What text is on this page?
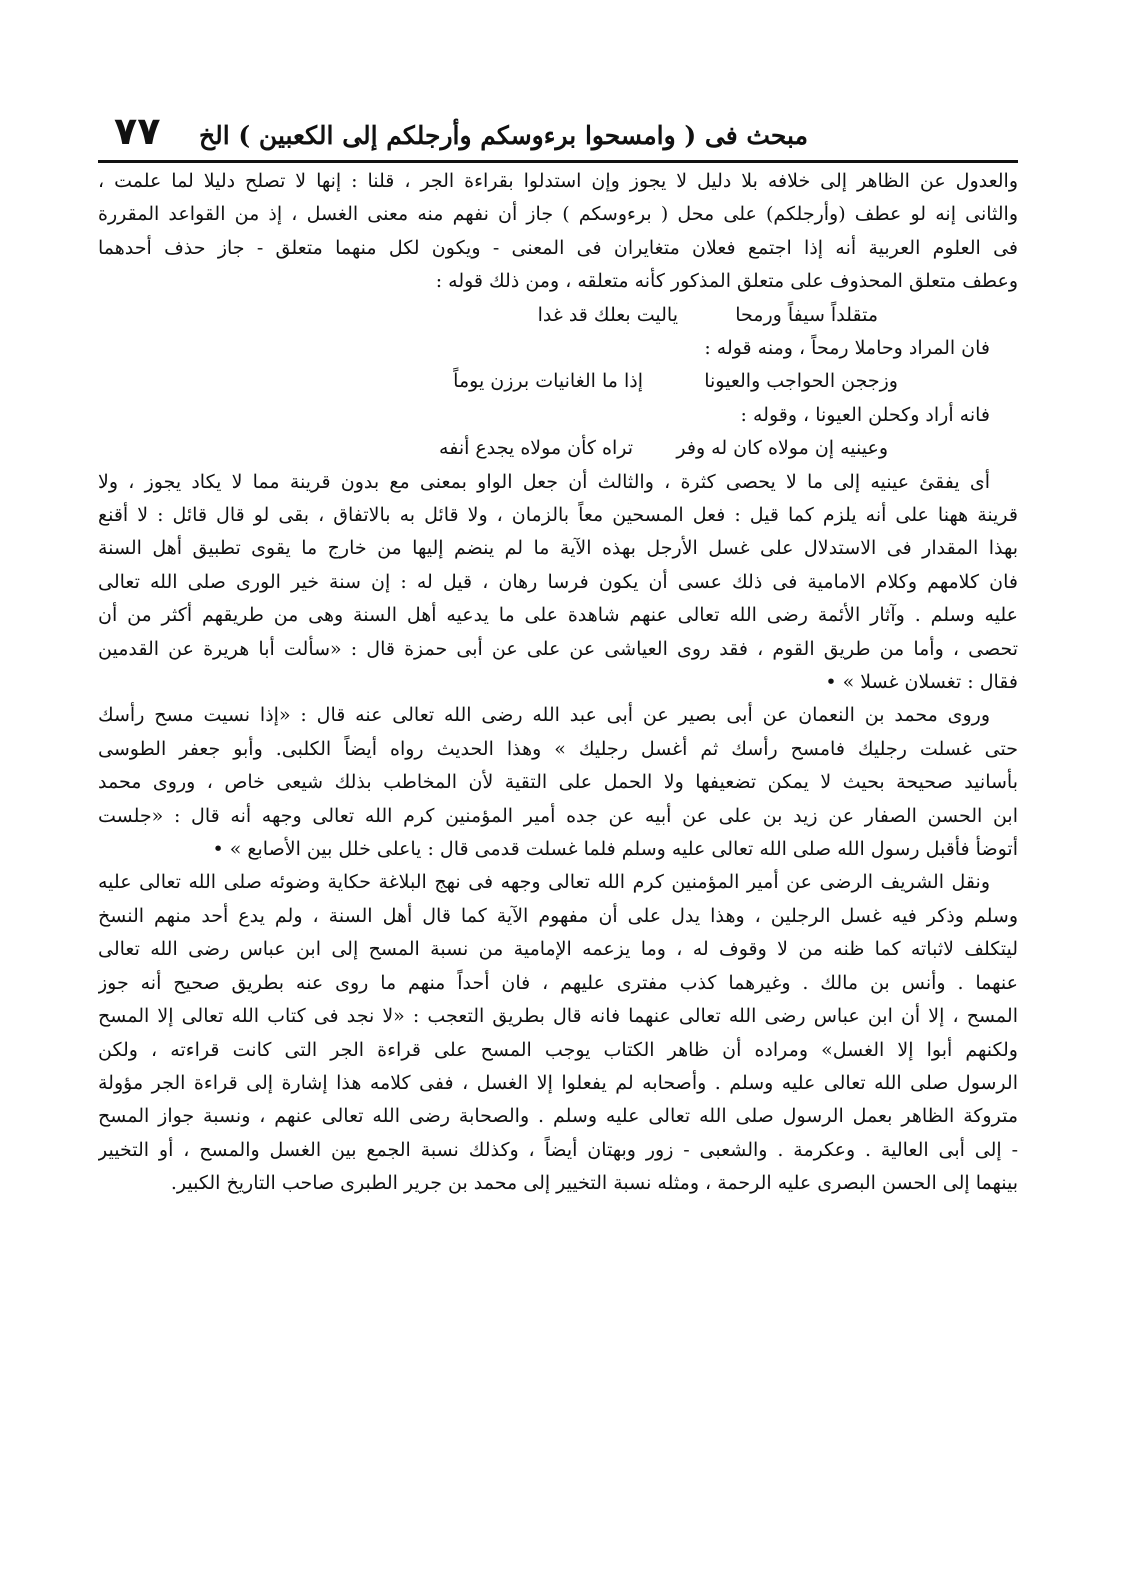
مبحث فى ( وامسحوا برءوسكم وأرجلكم إلى الكعبين ) الخ
٧٧
والعدول عن الظاهر إلى خلافه بلا دليل لا يجوز وإن استدلوا بقراءة الجر ، قلنا : إنها لا تصلح دليلا لما علمت ،
والثانى إنه لو عطف (وأرجلكم) على محل ( برءوسكم ) جاز أن نفهم منه معنى الغسل ، إذ من القواعد المقررة
فى العلوم العربية أنه إذا اجتمع فعلان متغايران فى المعنى - ويكون لكل منهما متعلق - جاز حذف أحدهما
وعطف متعلق المحذوف على متعلق المذكور كأنه متعلقه ، ومن ذلك قوله :
ياليت بعلك قد غدا	متقلداً سيفاً ورمحا
فان المراد وحاملا رمحاً ، ومنه قوله :
إذا ما الغانيات برزن يوماً	وزججن الحواجب والعيونا
فانه أراد وكحلن العيونا ، وقوله :
تراه كأن مولاه يجدع أنفه وعينيه إن مولاه كان له وفر
أى يفقئ عينيه إلى ما لا يحصى كثرة ، والثالث أن جعل الواو بمعنى مع بدون قرينة مما لا يكاد يجوز ، ولا
قرينة ههنا على أنه يلزم كما قيل : فعل المسحين معاً بالزمان ، ولا قائل به بالاتفاق ، بقى لو قال قائل : لا أقنع
بهذا المقدار فى الاستدلال على غسل الأرجل بهذه الآية ما لم ينضم إليها من خارج ما يقوى تطبيق أهل السنة
فان كلامهم وكلام الامامية فى ذلك عسى أن يكون فرسا رهان ، قيل له : إن سنة خير الورى صلى الله تعالى
عليه وسلم . وآثار الأئمة رضى الله تعالى عنهم شاهدة على ما يدعيه أهل السنة وهى من طريقهم أكثر من أن
تحصى ، وأما من طريق القوم ، فقد روى العياشى عن على عن أبى حمزة قال : «سألت أبا هريرة عن القدمين
فقال : تغسلان غسلا » •
وروى محمد بن النعمان عن أبى بصير عن أبى عبد الله رضى الله تعالى عنه قال : «إذا نسيت مسح رأسك
حتى غسلت رجليك فامسح رأسك ثم أغسل رجليك » وهذا الحديث رواه أيضاً الكلبى. وأبو جعفر الطوسى
بأسانيد صحيحة بحيث لا يمكن تضعيفها ولا الحمل على التقية لأن المخاطب بذلك شيعى خاص ، وروى محمد
ابن الحسن الصفار عن زيد بن على عن أبيه عن جده أمير المؤمنين كرم الله تعالى وجهه أنه قال : «جلست
أتوضأ فأقبل رسول الله صلى الله تعالى عليه وسلم فلما غسلت قدمى قال : ياعلى خلل بين الأصابع » •
ونقل الشريف الرضى عن أمير المؤمنين كرم الله تعالى وجهه فى نهج البلاغة حكاية وضوئه صلى الله تعالى عليه
وسلم وذكر فيه غسل الرجلين ، وهذا يدل على أن مفهوم الآية كما قال أهل السنة ، ولم يدع أحد منهم النسخ
ليتكلف لاثباته كما ظنه من لا وقوف له ، وما يزعمه الإمامية من نسبة المسح إلى ابن عباس رضى الله تعالى
عنهما . وأنس بن مالك . وغيرهما كذب مفترى عليهم ، فان أحداً منهم ما روى عنه بطريق صحيح أنه جوز
المسح ، إلا أن ابن عباس رضى الله تعالى عنهما فانه قال بطريق التعجب : «لا نجد فى كتاب الله تعالى إلا المسح
ولكنهم أبوا إلا الغسل» ومراده أن ظاهر الكتاب يوجب المسح على قراءة الجر التى كانت قراءته ، ولكن
الرسول صلى الله تعالى عليه وسلم . وأصحابه لم يفعلوا إلا الغسل ، ففى كلامه هذا إشارة إلى قراءة الجر مؤولة
متروكة الظاهر بعمل الرسول صلى الله تعالى عليه وسلم . والصحابة رضى الله تعالى عنهم ، ونسبة جواز المسح
- إلى أبى العالية . وعكرمة . والشعبى - زور وبهتان أيضاً ، وكذلك نسبة الجمع بين الغسل والمسح ، أو التخيير
بينهما إلى الحسن البصرى عليه الرحمة ، ومثله نسبة التخيير إلى محمد بن جرير الطبرى صاحب التاريخ الكبير.
